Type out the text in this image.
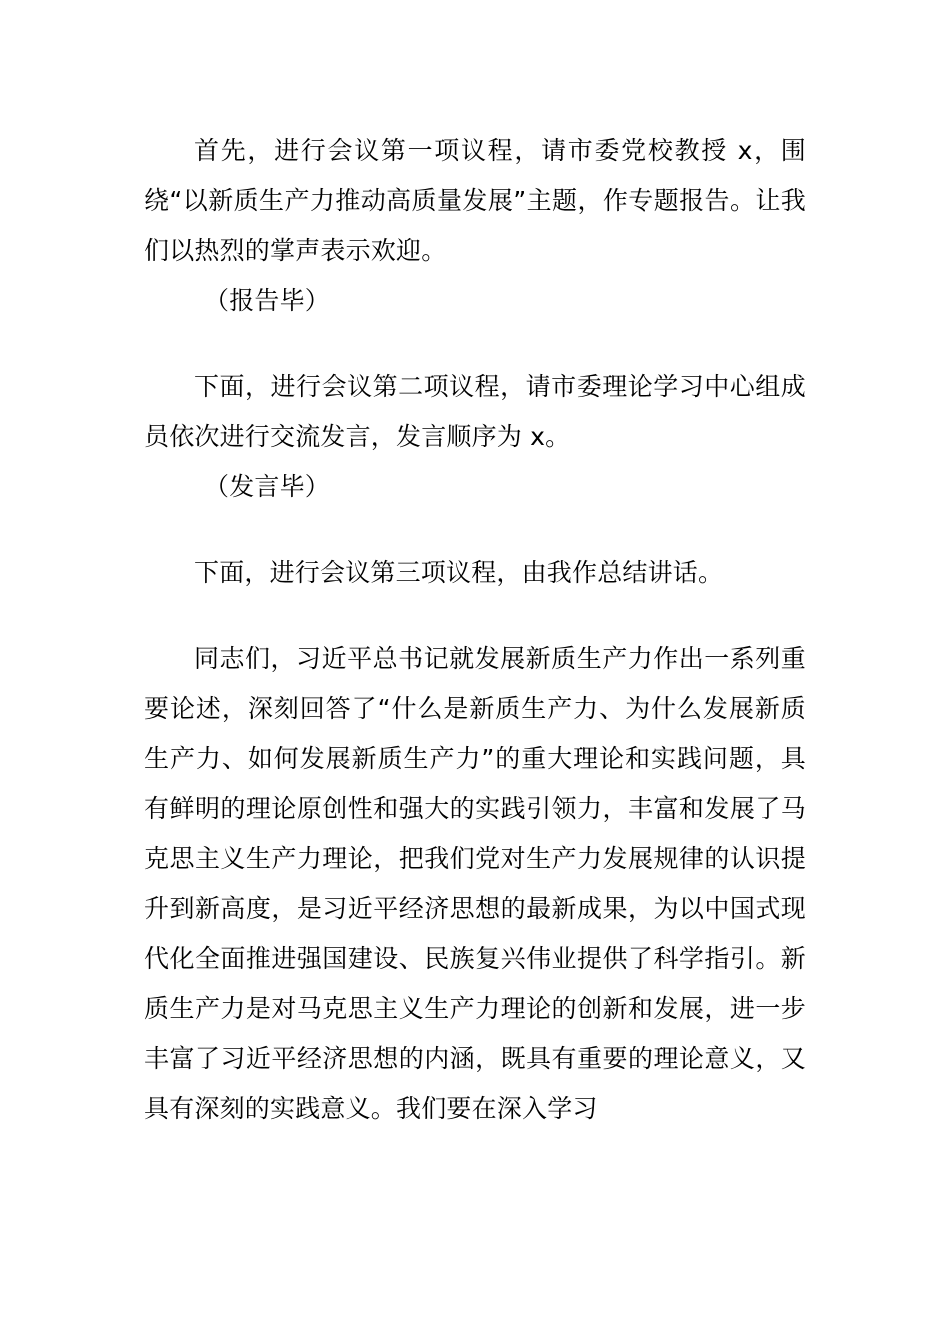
首先，进行会议第一项议程，请市委党校教授 x，围绕“以新质生产力推动高质量发展”主题，作专题报告。让我们以热烈的掌声表示欢迎。

（报告毕）

下面，进行会议第二项议程，请市委理论学习中心组成员依次进行交流发言，发言顺序为 x。

（发言毕）

下面，进行会议第三项议程，由我作总结讲话。

同志们，习近平总书记就发展新质生产力作出一系列重要论述，深刻回答了“什么是新质生产力、为什么发展新质生产力、如何发展新质生产力”的重大理论和实践问题，具有鲜明的理论原创性和强大的实践引领力，丰富和发展了马克思主义生产力理论，把我们党对生产力发展规律的认识提升到新高度，是习近平经济思想的最新成果，为以中国式现代化全面推进强国建设、民族复兴伟业提供了科学指引。新质生产力是对马克思主义生产力理论的创新和发展，进一步丰富了习近平经济思想的内涵，既具有重要的理论意义，又具有深刻的实践意义。我们要在深入学习
